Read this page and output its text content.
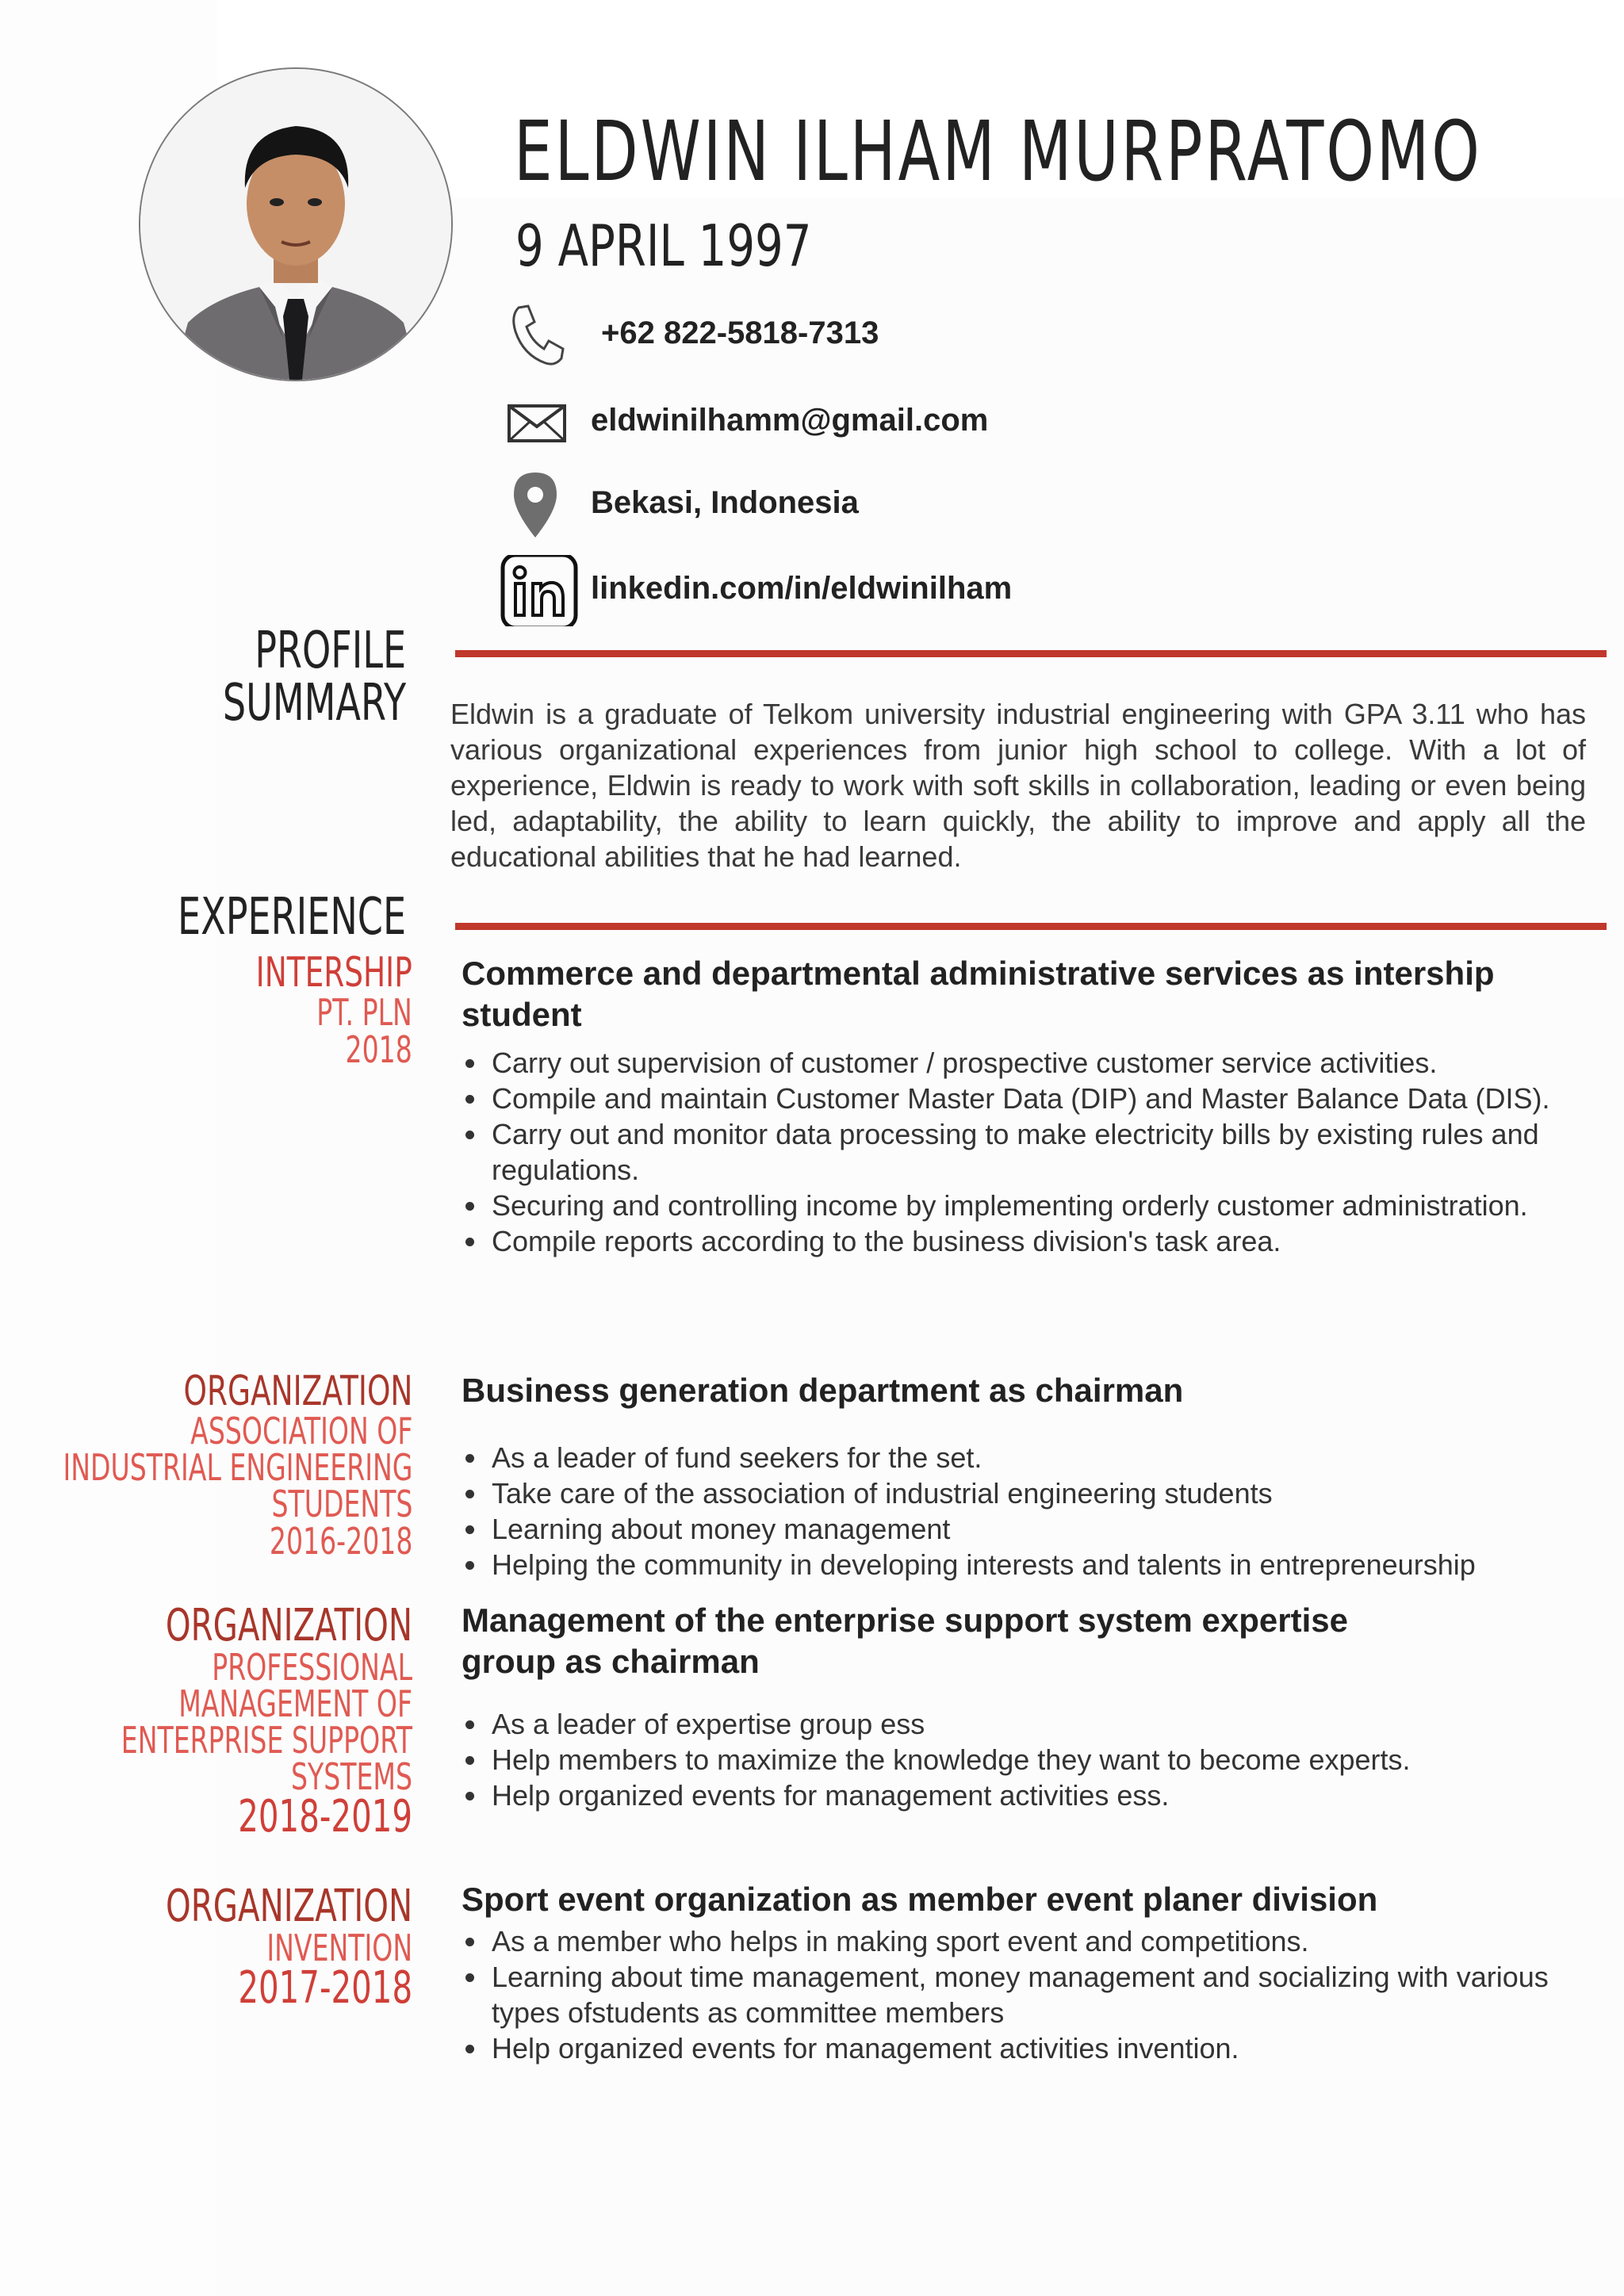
ELDWIN ILHAM MURPRATOMO
9 APRIL 1997
+62 822-5818-7313
eldwinilhamm@gmail.com
Bekasi, Indonesia
linkedin.com/in/eldwinilham
PROFILE
SUMMARY Eldwin is a graduate of Telkom university industrial engineering with GPA 3.11 who has various organizational experiences from junior high school to college. With a lot of experience, Eldwin is ready to work with soft skills in collaboration, leading or even being led, adaptability, the ability to learn quickly, the ability to improve and apply all the educational abilities that he had learned.

EXPERIENCE
INTERSHIP
PT. PLN
2018
Commerce and departmental administrative services as intership student
• Carry out supervision of customer / prospective customer service activities.
• Compile and maintain Customer Master Data (DIP) and Master Balance Data (DIS).
• Carry out and monitor data processing to make electricity bills by existing rules and regulations.
• Securing and controlling income by implementing orderly customer administration.
• Compile reports according to the business division's task area.
ORGANIZATION
ASSOCIATION OF
INDUSTRIAL ENGINEERING
STUDENTS
2016-2018
Business generation department as chairman
• As a leader of fund seekers for the set.
• Take care of the association of industrial engineering students
• Learning about money management
• Helping the community in developing interests and talents in entrepreneurship
ORGANIZATION
PROFESSIONAL
MANAGEMENT OF
ENTERPRISE SUPPORT
SYSTEMS
2018-2019
Management of the enterprise support system expertise group as chairman
• As a leader of expertise group ess
• Help members to maximize the knowledge they want to become experts.
• Help organized events for management activities ess.
ORGANIZATION
INVENTION
2017-2018
Sport event organization as member event planer division
• As a member who helps in making sport event and competitions.
• Learning about time management, money management and socializing with various types ofstudents as committee members
• Help organized events for management activities invention.
